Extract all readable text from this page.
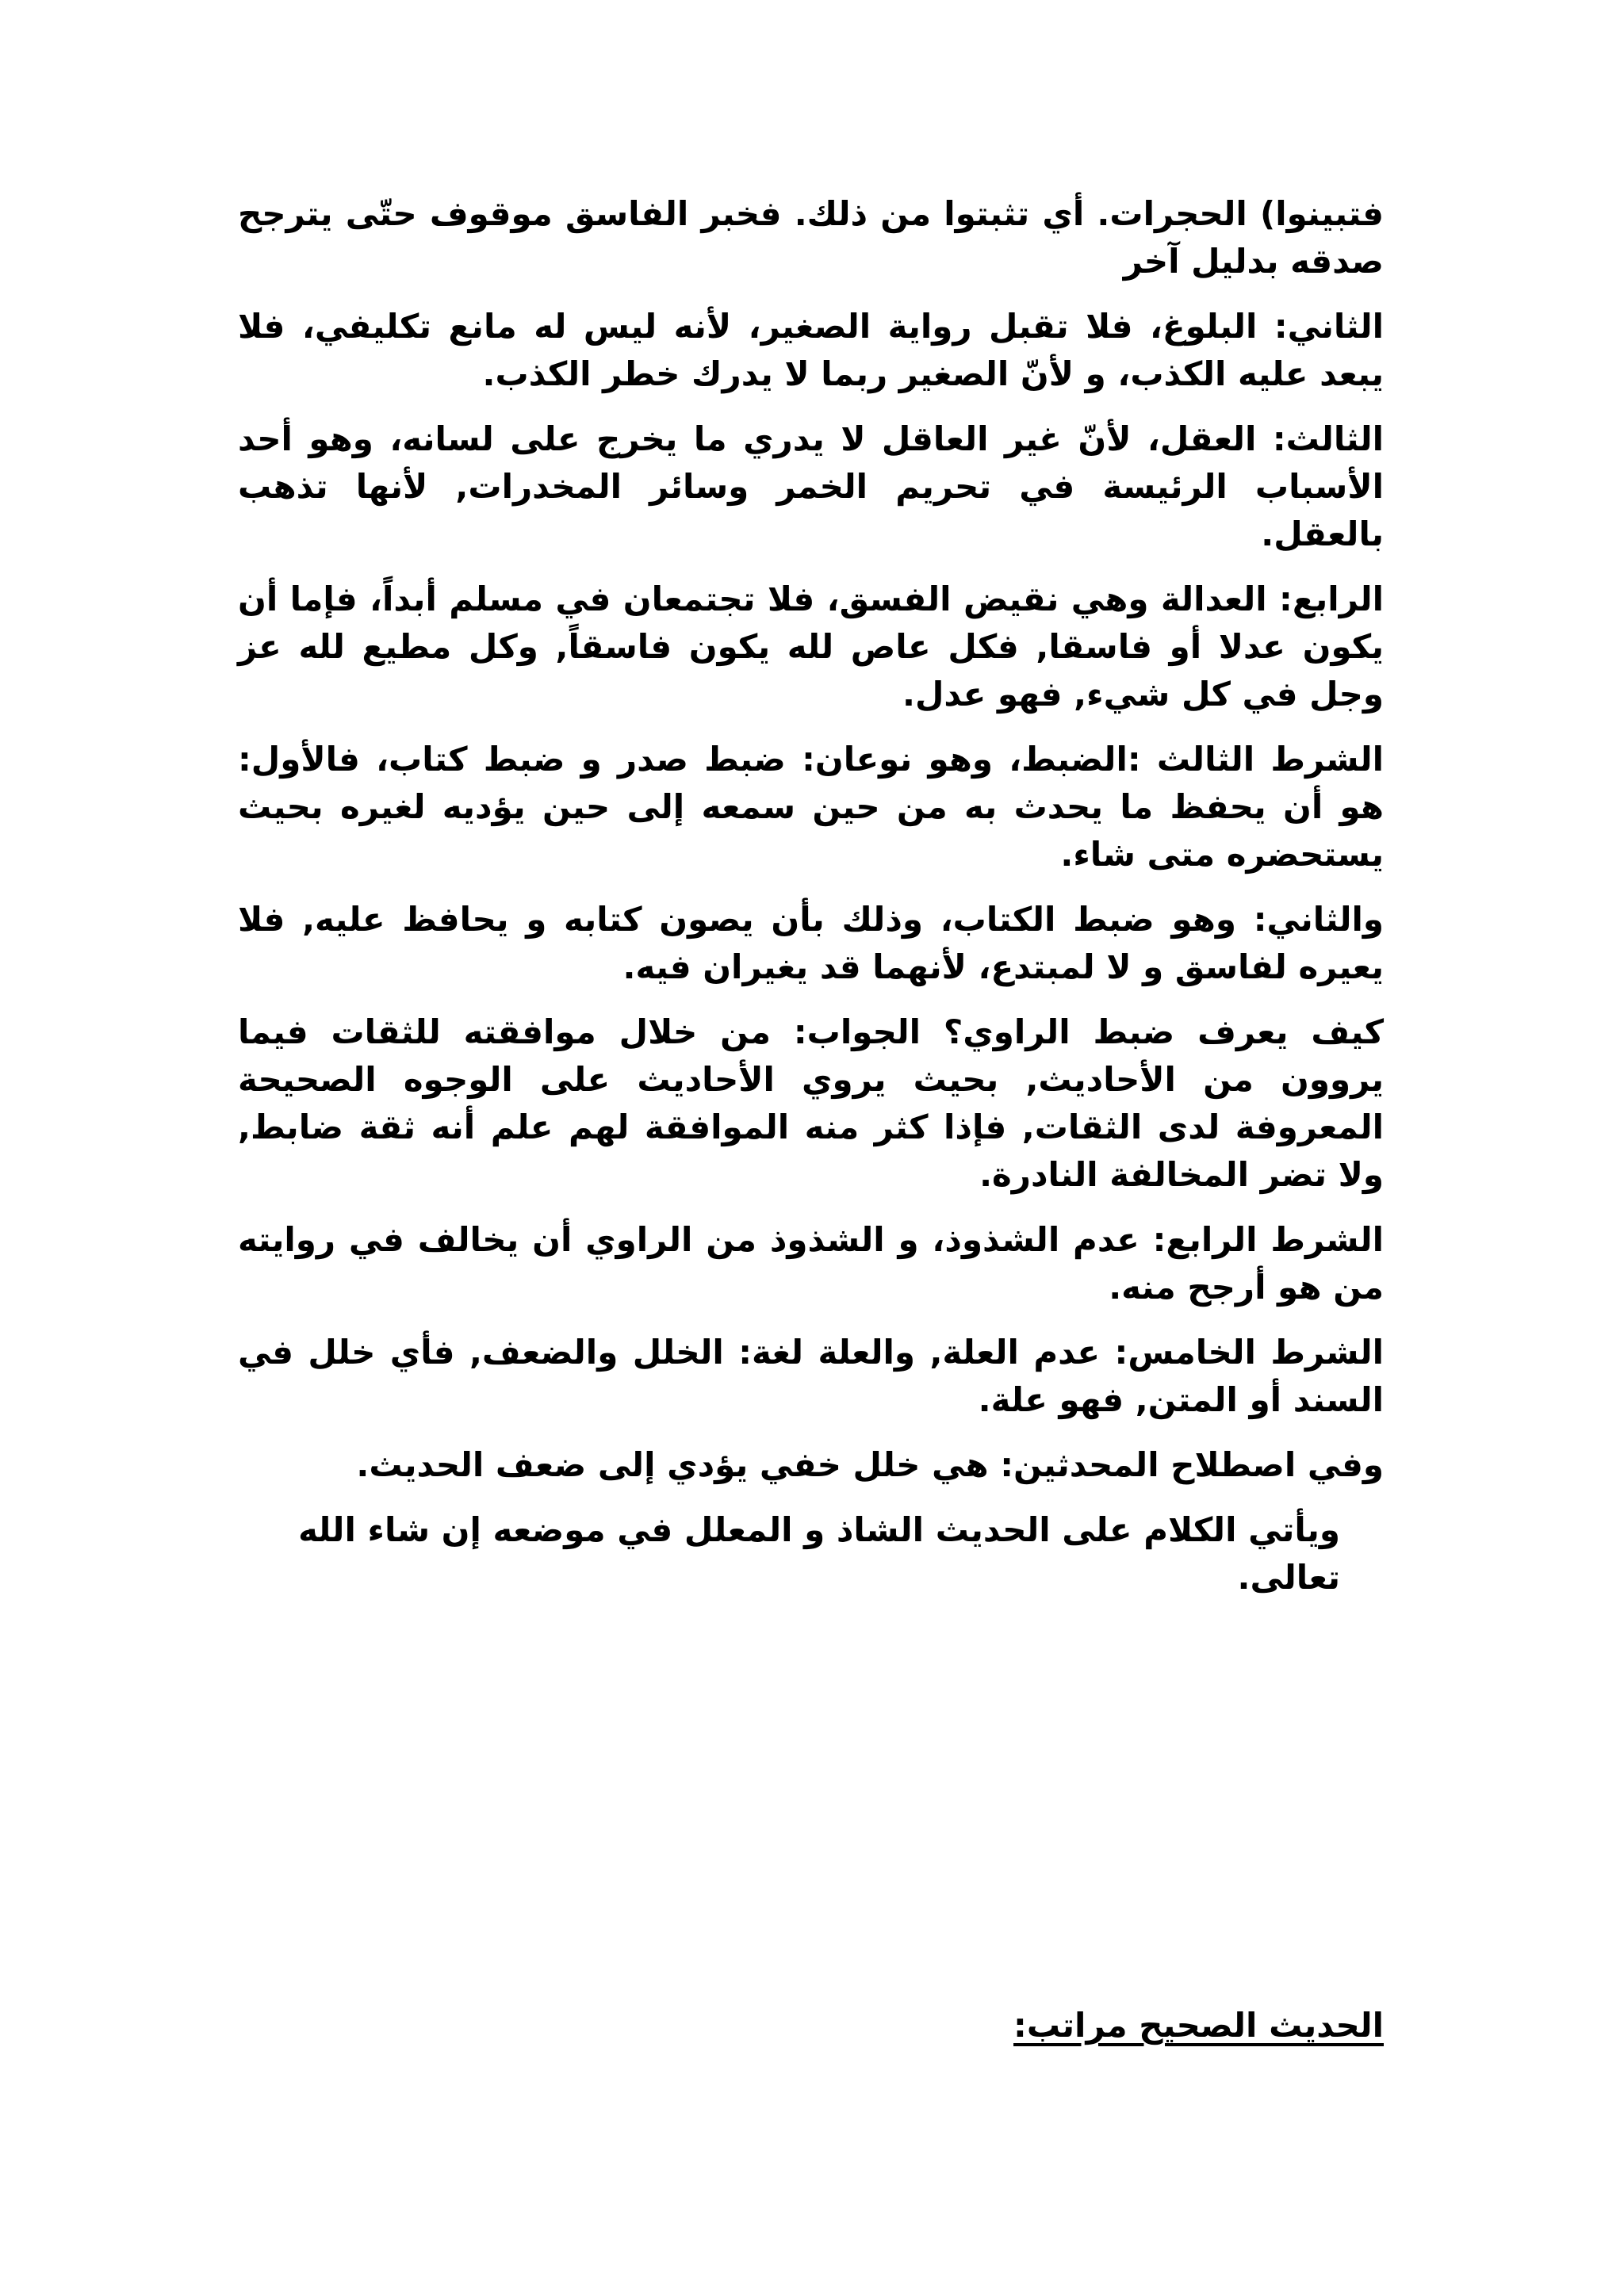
فتبينوا) الحجرات. أي تثبتوا من ذلك. فخبر الفاسق موقوف حتّى يترجح صدقه بدليل آخر

الثاني: البلوغ، فلا تقبل رواية الصغير، لأنه ليس له مانع تكليفي، فلا يبعد عليه الكذب، و لأنّ الصغير ربما لا يدرك خطر الكذب.

الثالث: العقل، لأنّ غير العاقل لا يدري ما يخرج على لسانه، وهو أحد الأسباب الرئيسة في تحريم الخمر وسائر المخدرات, لأنها تذهب بالعقل.

الرابع: العدالة وهي نقيض الفسق، فلا تجتمعان في مسلم أبداً، فإما أن يكون عدلا أو فاسقا, فكل عاص لله يكون فاسقاً, وكل مطيع لله عز وجل في كل شيء, فهو عدل.

الشرط الثالث :الضبط، وهو نوعان: ضبط صدر و ضبط كتاب، فالأول: هو أن يحفظ ما يحدث به من حين سمعه إلى حين يؤديه لغيره بحيث يستحضره متى شاء.

والثاني: وهو ضبط الكتاب، وذلك بأن يصون كتابه و يحافظ عليه, فلا يعيره لفاسق و لا لمبتدع، لأنهما قد يغيران فيه.

كيف يعرف ضبط الراوي؟ الجواب: من خلال موافقته للثقات فيما يروون من الأحاديث, بحيث يروي الأحاديث على الوجوه الصحيحة المعروفة لدى الثقات, فإذا كثر منه الموافقة لهم علم أنه ثقة ضابط, ولا تضر المخالفة النادرة.

الشرط الرابع: عدم الشذوذ، و الشذوذ من الراوي أن يخالف في روايته من هو أرجح منه.

الشرط الخامس: عدم العلة, والعلة لغة: الخلل والضعف, فأي خلل في السند أو المتن, فهو علة.

وفي اصطلاح المحدثين: هي خلل خفي يؤدي إلى ضعف الحديث.

ويأتي الكلام على الحديث الشاذ و المعلل في موضعه إن شاء الله تعالى.

الحديث الصحيح مراتب:
